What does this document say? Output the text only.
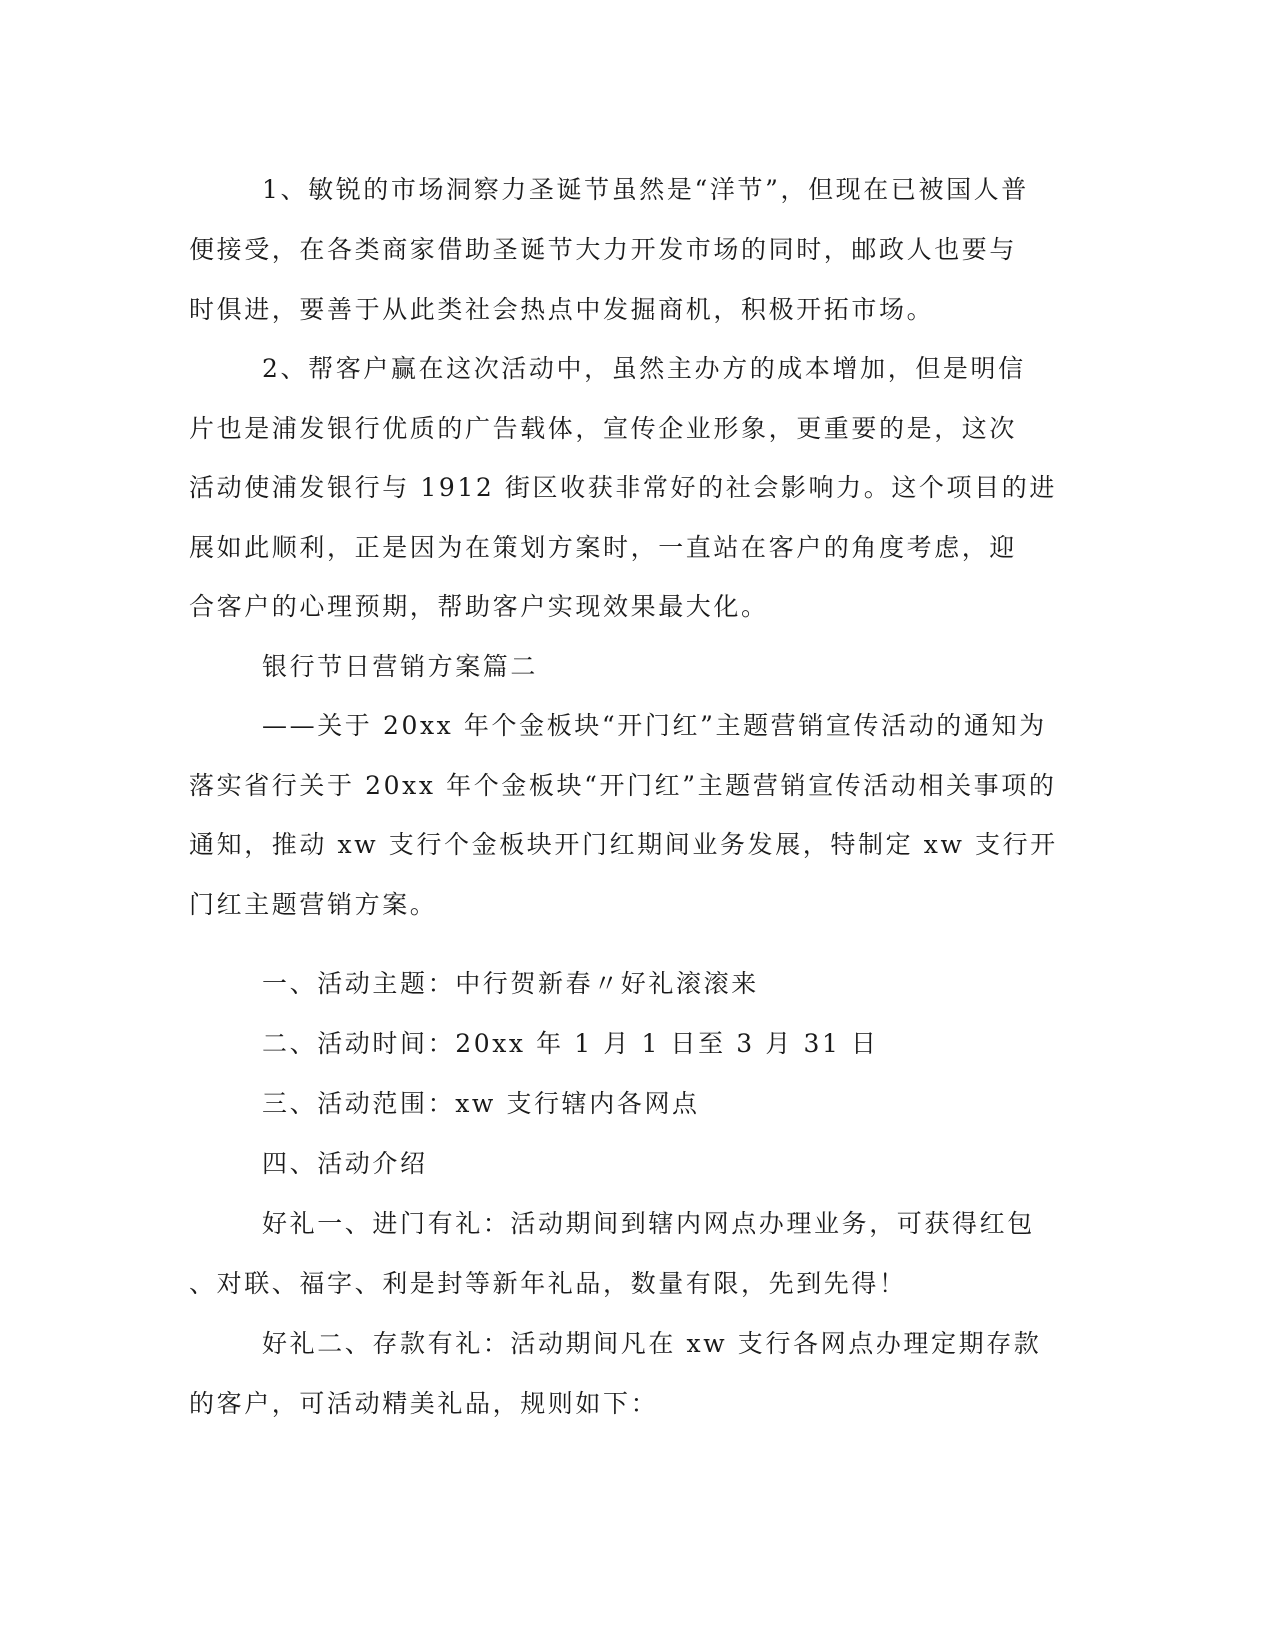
1、敏锐的市场洞察力圣诞节虽然是“洋节”，但现在已被国人普

便接受，在各类商家借助圣诞节大力开发市场的同时，邮政人也要与

时俱进，要善于从此类社会热点中发掘商机，积极开拓市场。

2、帮客户赢在这次活动中，虽然主办方的成本增加，但是明信

片也是浦发银行优质的广告载体，宣传企业形象，更重要的是，这次

活动使浦发银行与 1912 街区收获非常好的社会影响力。这个项目的进

展如此顺利，正是因为在策划方案时，一直站在客户的角度考虑，迎

合客户的心理预期，帮助客户实现效果最大化。

银行节日营销方案篇二

——关于 20xx 年个金板块“开门红”主题营销宣传活动的通知为

落实省行关于 20xx 年个金板块“开门红”主题营销宣传活动相关事项的

通知，推动 xw 支行个金板块开门红期间业务发展，特制定 xw 支行开

门红主题营销方案。

一、活动主题：中行贺新春〃好礼滚滚来

二、活动时间：20xx 年 1 月 1 日至 3 月 31 日

三、活动范围：xw 支行辖内各网点

四、活动介绍

好礼一、进门有礼：活动期间到辖内网点办理业务，可获得红包

、对联、福字、利是封等新年礼品，数量有限，先到先得！

好礼二、存款有礼：活动期间凡在 xw 支行各网点办理定期存款

的客户，可活动精美礼品，规则如下：
